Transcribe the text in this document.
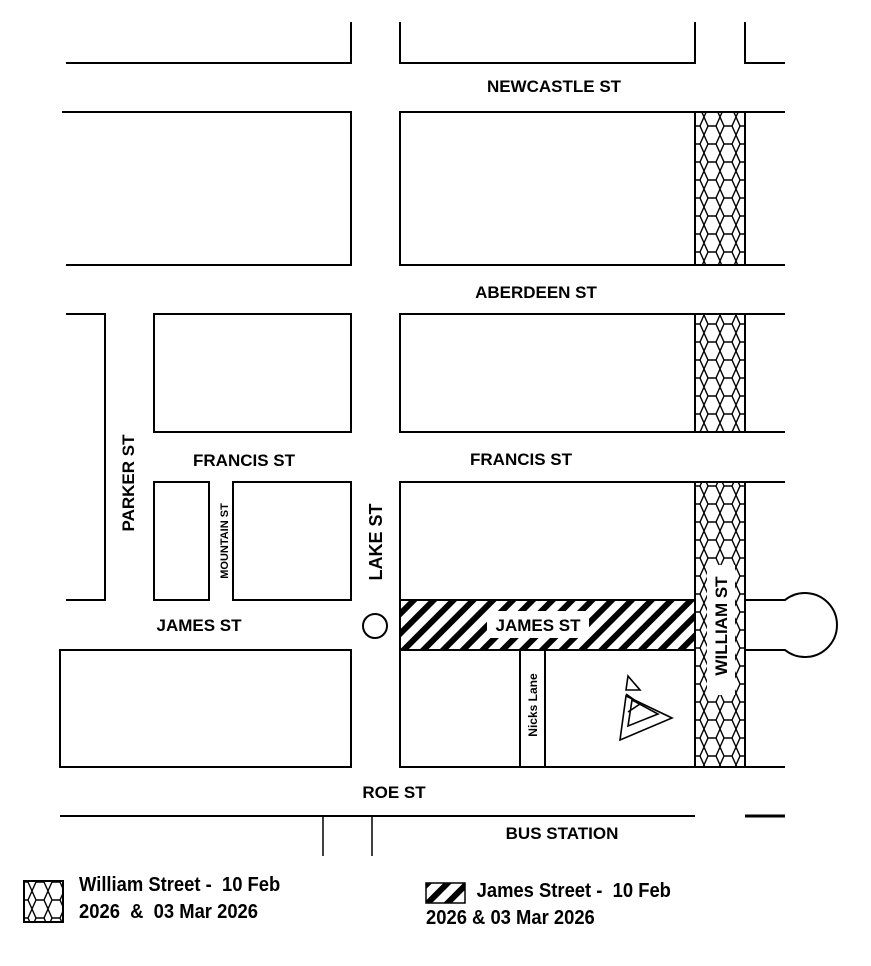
NEWCASTLE ST
ABERDEEN ST
FRANCIS ST	FRANCIS ST
PARKER ST
MOUNTAIN ST	LAKE ST
JAMES ST	JAMES ST	WILLIAM ST
Nicks Lane
ROE ST
BUS STATION
William Street -  10 Feb
2026  &  03 Mar 2026
James Street -  10 Feb
2026 & 03 Mar 2026
